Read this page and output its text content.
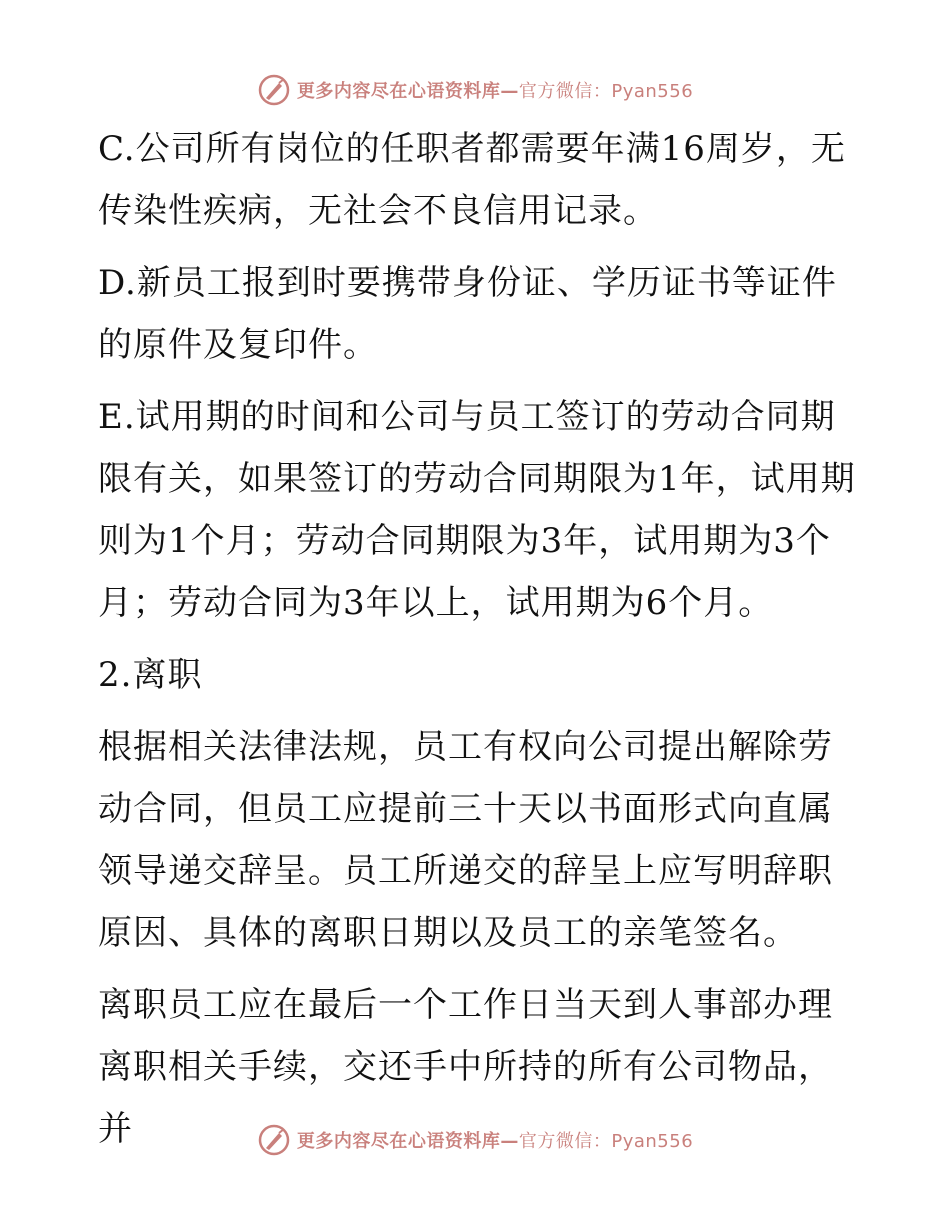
更多内容尽在心语资料库—官方微信：Pyan556

C.公司所有岗位的任职者都需要年满16周岁，无传染性疾病，无社会不良信用记录。

D.新员工报到时要携带身份证、学历证书等证件的原件及复印件。

E.试用期的时间和公司与员工签订的劳动合同期限有关，如果签订的劳动合同期限为1年，试用期则为1个月；劳动合同期限为3年，试用期为3个月；劳动合同为3年以上，试用期为6个月。

2.离职

根据相关法律法规，员工有权向公司提出解除劳动合同，但员工应提前三十天以书面形式向直属领导递交辞呈。员工所递交的辞呈上应写明辞职原因、具体的离职日期以及员工的亲笔签名。

离职员工应在最后一个工作日当天到人事部办理离职相关手续，交还手中所持的所有公司物品，并	更多内容尽在心语资料库—官方微信：Pyan556
